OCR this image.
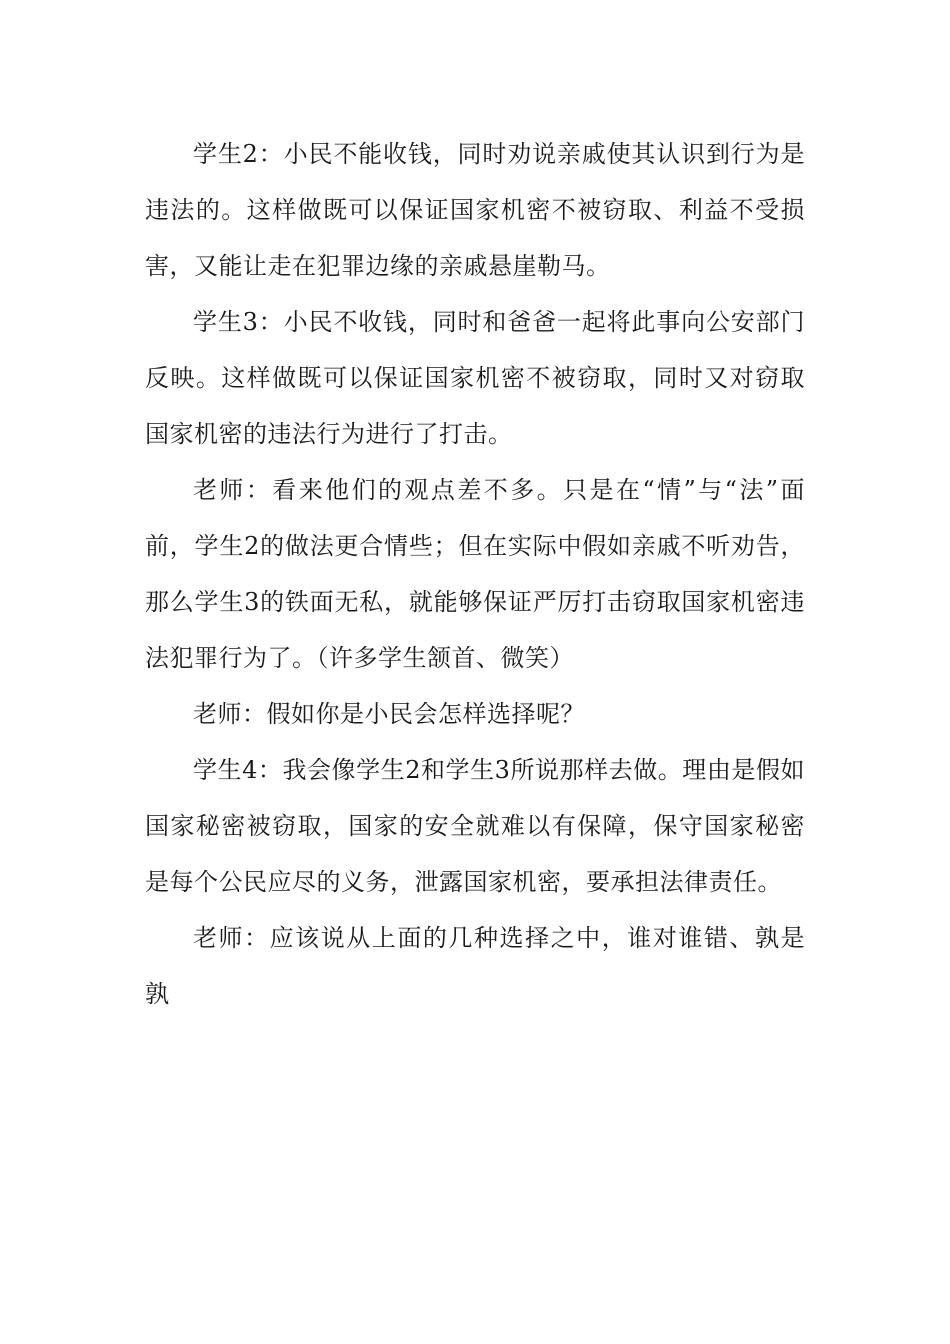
学生2：小民不能收钱，同时劝说亲戚使其认识到行为是违法的。这样做既可以保证国家机密不被窃取、利益不受损害，又能让走在犯罪边缘的亲戚悬崖勒马。

学生3：小民不收钱，同时和爸爸一起将此事向公安部门反映。这样做既可以保证国家机密不被窃取，同时又对窃取国家机密的违法行为进行了打击。

老师：看来他们的观点差不多。只是在“情”与“法”面前，学生2的做法更合情些；但在实际中假如亲戚不听劝告，那么学生3的铁面无私，就能够保证严厉打击窃取国家机密违法犯罪行为了。（许多学生颔首、微笑）

老师：假如你是小民会怎样选择呢？

学生4：我会像学生2和学生3所说那样去做。理由是假如国家秘密被窃取，国家的安全就难以有保障，保守国家秘密是每个公民应尽的义务，泄露国家机密，要承担法律责任。

老师：应该说从上面的几种选择之中，谁对谁错、孰是孰
